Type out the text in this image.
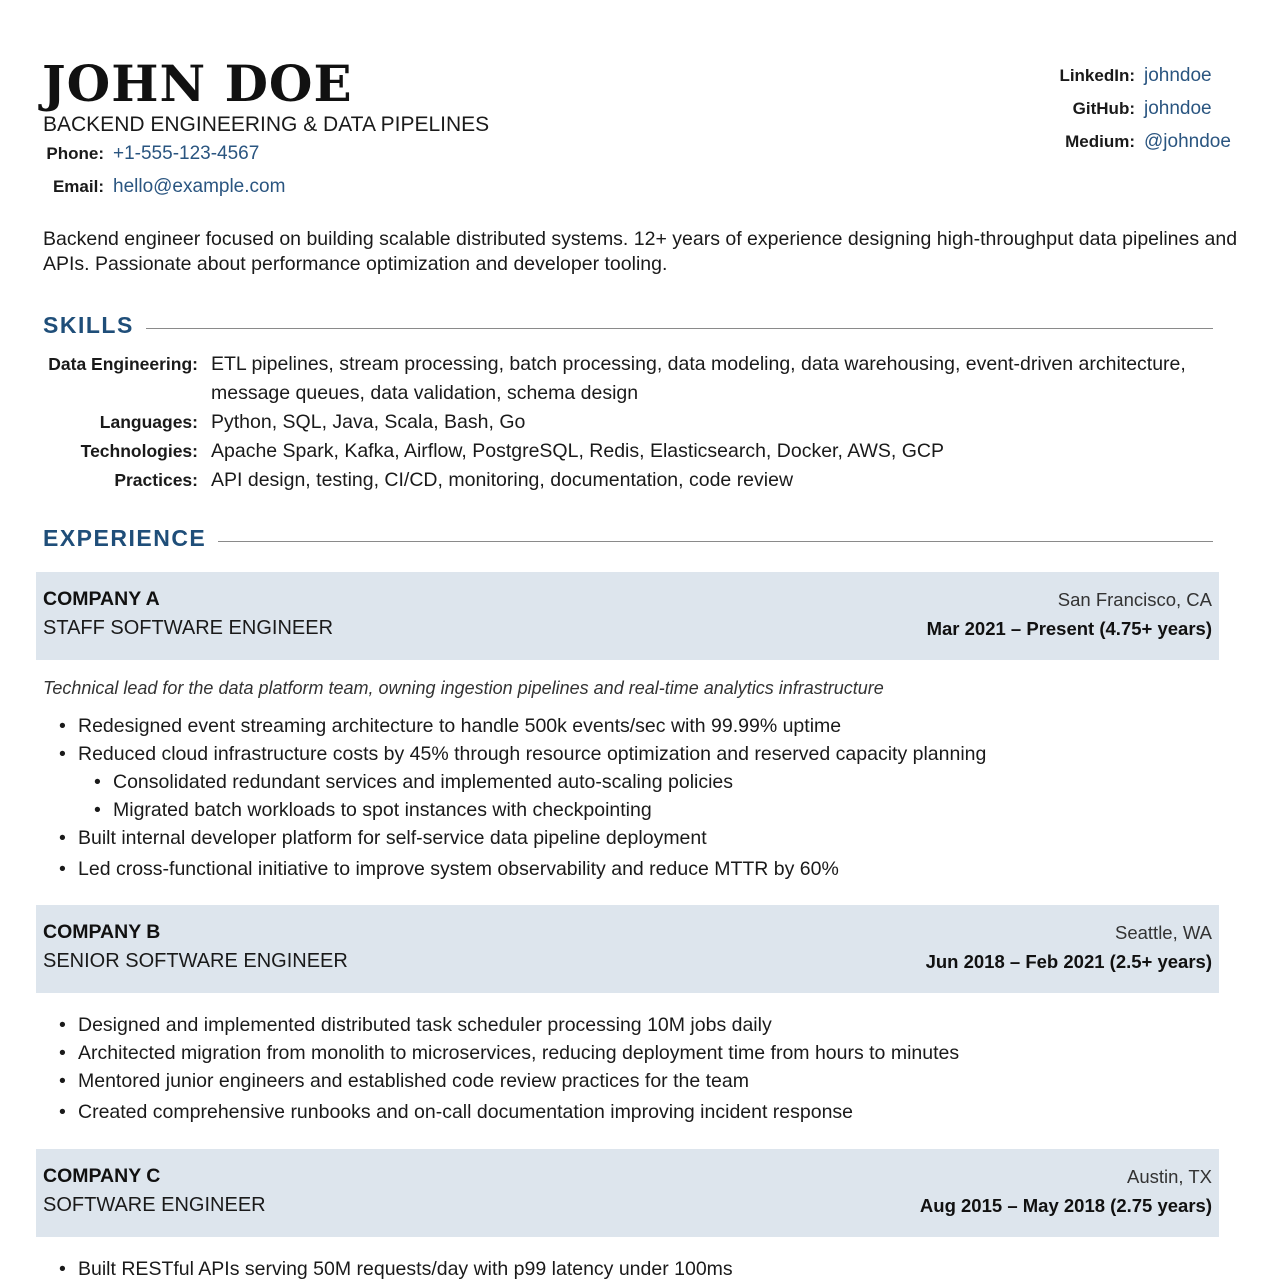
JOHN DOE
BACKEND ENGINEERING & DATA PIPELINES
Phone: +1-555-123-4567
Email: hello@example.com
LinkedIn: johndoe
GitHub: johndoe
Medium: @johndoe

Backend engineer focused on building scalable distributed systems. 12+ years of experience designing high-throughput data pipelines and APIs. Passionate about performance optimization and developer tooling.

SKILLS
Data Engineering: ETL pipelines, stream processing, batch processing, data modeling, data warehousing, event-driven architecture, message queues, data validation, schema design
Languages: Python, SQL, Java, Scala, Bash, Go
Technologies: Apache Spark, Kafka, Airflow, PostgreSQL, Redis, Elasticsearch, Docker, AWS, GCP
Practices: API design, testing, CI/CD, monitoring, documentation, code review
EXPERIENCE
COMPANY A
STAFF SOFTWARE ENGINEER
San Francisco, CA
Mar 2021 – Present (4.75+ years)
Technical lead for the data platform team, owning ingestion pipelines and real-time analytics infrastructure
• Redesigned event streaming architecture to handle 500k events/sec with 99.99% uptime
• Reduced cloud infrastructure costs by 45% through resource optimization and reserved capacity planning
• Consolidated redundant services and implemented auto-scaling policies
• Migrated batch workloads to spot instances with checkpointing
• Built internal developer platform for self-service data pipeline deployment
• Led cross-functional initiative to improve system observability and reduce MTTR by 60%
COMPANY B
SENIOR SOFTWARE ENGINEER
Seattle, WA
Jun 2018 – Feb 2021 (2.5+ years)
• Designed and implemented distributed task scheduler processing 10M jobs daily
• Architected migration from monolith to microservices, reducing deployment time from hours to minutes
• Mentored junior engineers and established code review practices for the team
• Created comprehensive runbooks and on-call documentation improving incident response
COMPANY C
SOFTWARE ENGINEER
Austin, TX
Aug 2015 – May 2018 (2.75 years)
• Built RESTful APIs serving 50M requests/day with p99 latency under 100ms
